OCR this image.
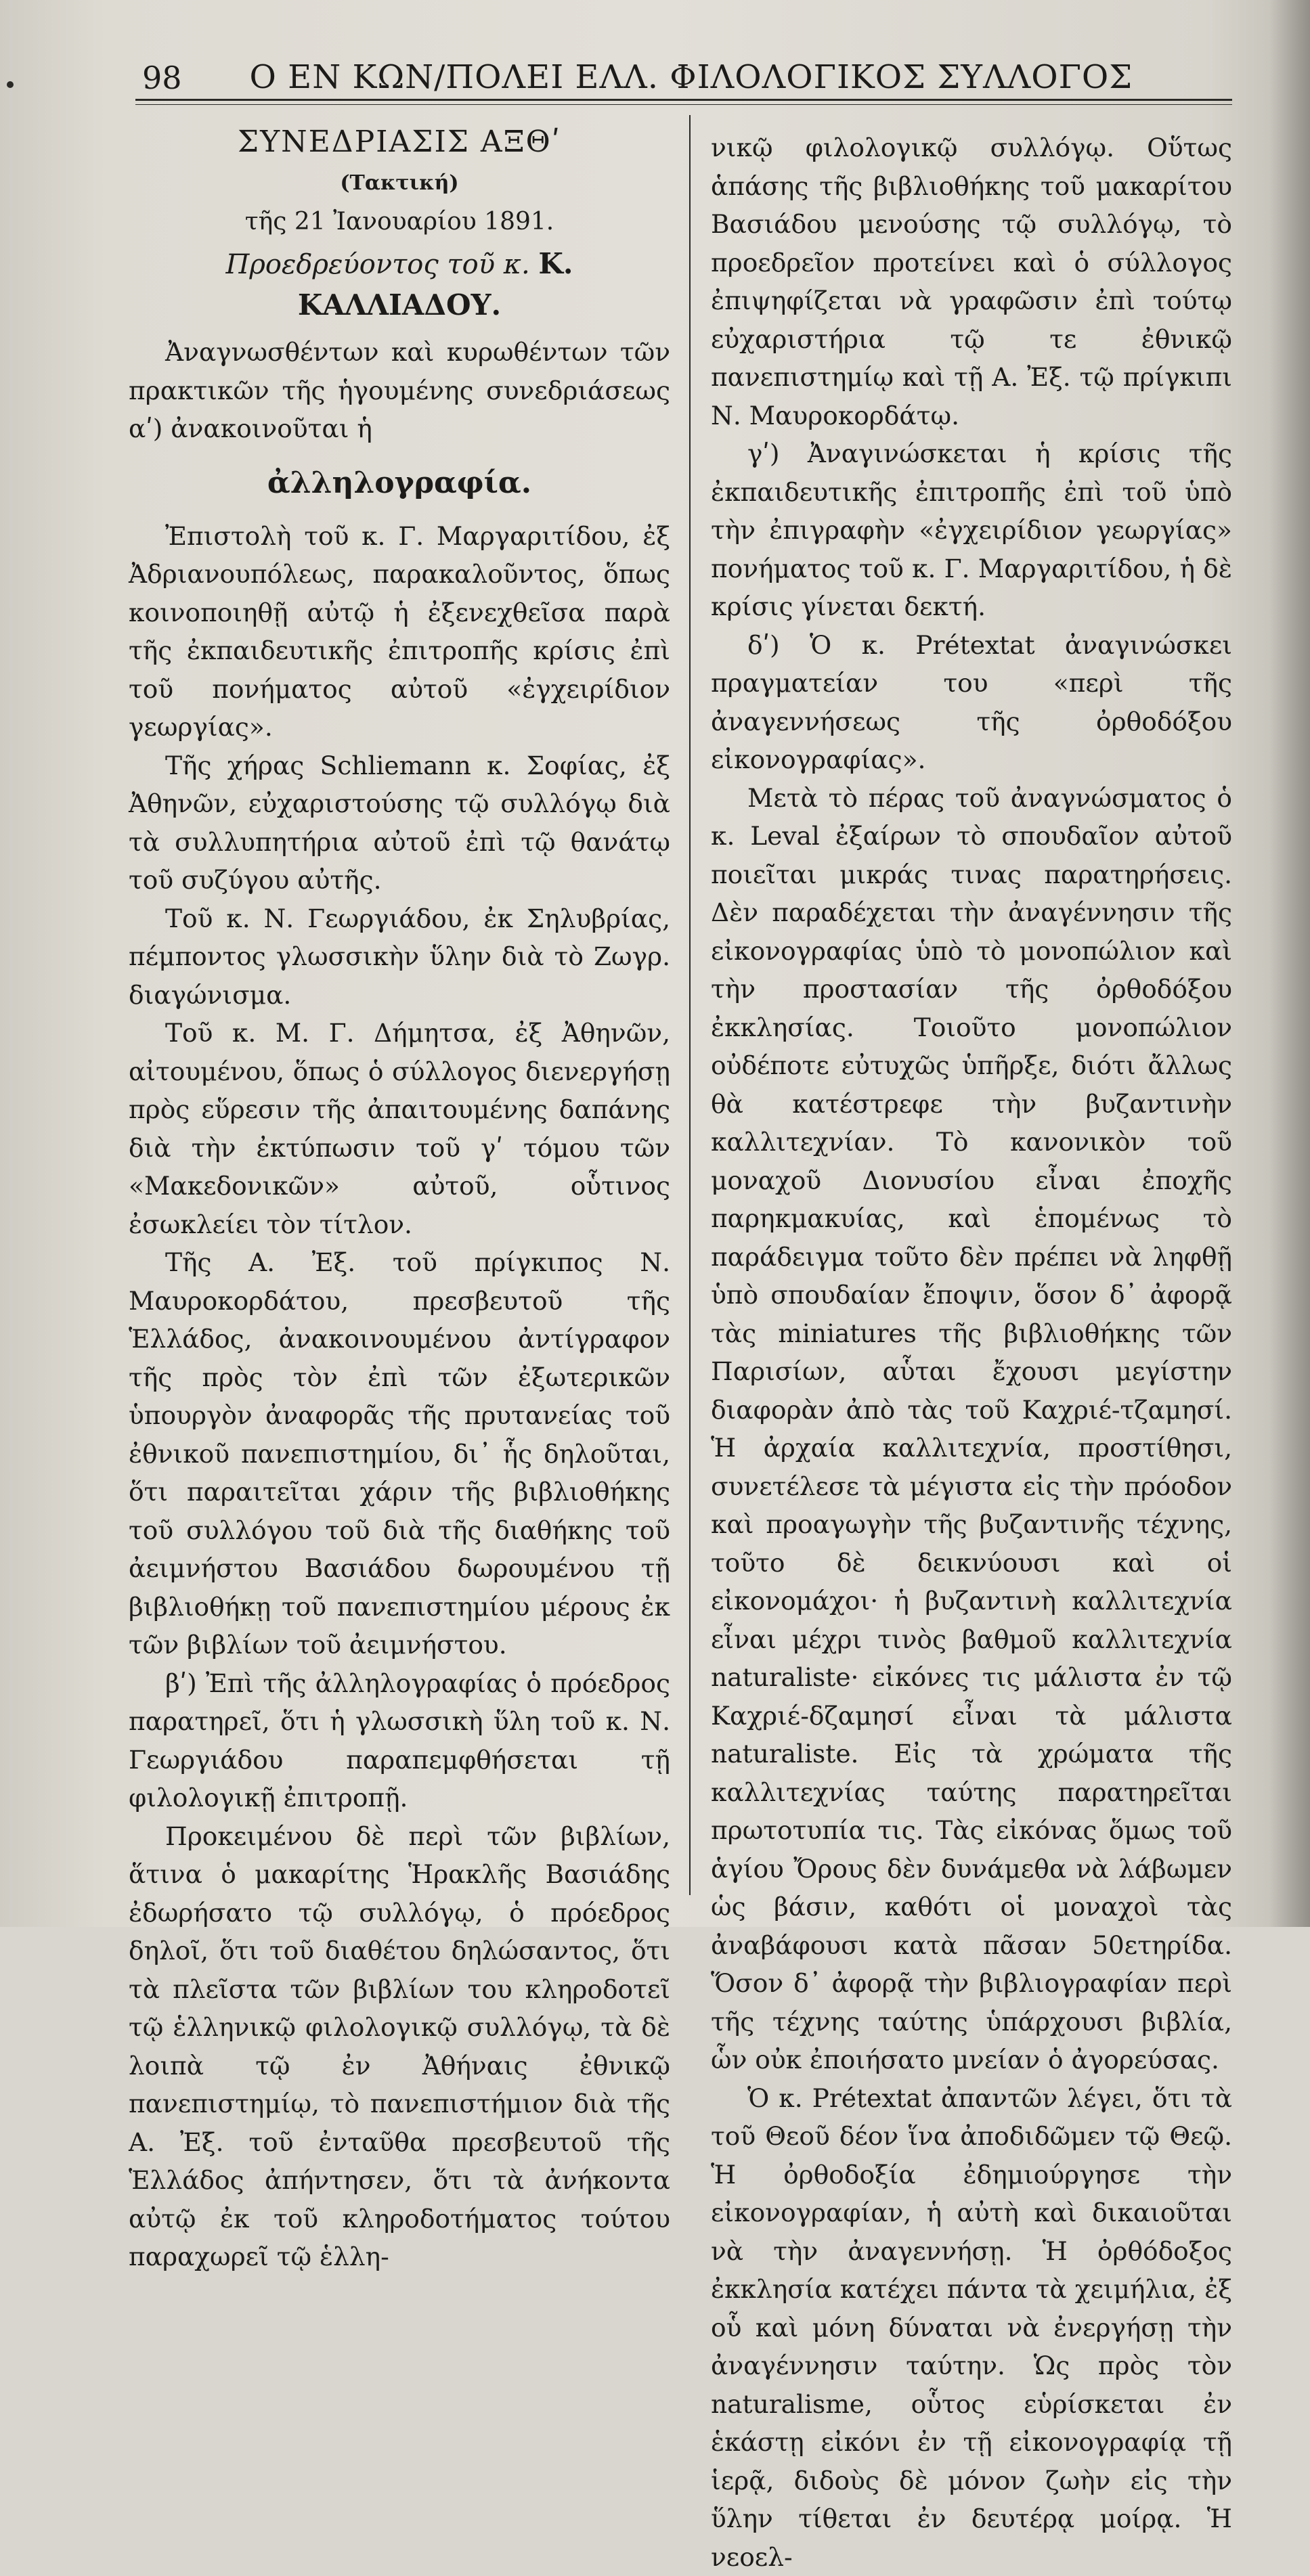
98 Ο ΕΝ ΚΩΝ/ΠΟΛΕΙ ΕΛΛ. ΦΙΛΟΛΟΓΙΚΟΣ ΣΥΛΛΟΓΟΣ
ΣΥΝΕΔΡΙΑΣΙΣ ΑΞΘʹ
(Τακτική)
τῆς 21 Ἰανουαρίου 1891.
Προεδρεύοντος τοῦ κ. Κ. ΚΑΛΛΙΑΔΟΥ.

Ἀναγνωσθέντων καὶ κυρωθέντων τῶν πρακτικῶν τῆς ἡγουμένης συνεδριάσεως αʹ) ἀνακοινοῦται ἡ

ἀλληλογραφία.

Ἐπιστολὴ τοῦ κ. Γ. Μαργαριτίδου, ἐξ Ἀδριανουπόλεως, παρακαλοῦντος, ὅπως κοινοποιηθῇ αὐτῷ ἡ ἐξενεχθεῖσα παρὰ τῆς ἐκπαιδευτικῆς ἐπιτροπῆς κρίσις ἐπὶ τοῦ πονήματος αὐτοῦ «ἐγχειρίδιον γεωργίας».

Τῆς χήρας Schliemann κ. Σοφίας, ἐξ Ἀθηνῶν, εὐχαριστούσης τῷ συλλόγῳ διὰ τὰ συλλυπητήρια αὐτοῦ ἐπὶ τῷ θανάτῳ τοῦ συζύγου αὐτῆς.

Τοῦ κ. Ν. Γεωργιάδου, ἐκ Σηλυβρίας, πέμποντος γλωσσικὴν ὕλην διὰ τὸ Ζωγρ. διαγώνισμα.

Τοῦ κ. Μ. Γ. Δήμητσα, ἐξ Ἀθηνῶν, αἰτουμένου, ὅπως ὁ σύλλογος διενεργήσῃ πρὸς εὕρεσιν τῆς ἀπαιτουμένης δαπάνης διὰ τὴν ἐκτύπωσιν τοῦ γʹ τόμου τῶν «Μακεδονικῶν» αὐτοῦ, οὗτινος ἐσωκλείει τὸν τίτλον.

Τῆς Α. Ἐξ. τοῦ πρίγκιπος Ν. Μαυροκορδάτου, πρεσβευτοῦ τῆς Ἑλλάδος, ἀνακοινουμένου ἀντίγραφον τῆς πρὸς τὸν ἐπὶ τῶν ἐξωτερικῶν ὑπουργὸν ἀναφορᾶς τῆς πρυτανείας τοῦ ἐθνικοῦ πανεπιστημίου, δι᾽ ἧς δηλοῦται, ὅτι παραιτεῖται χάριν τῆς βιβλιοθήκης τοῦ συλλόγου τοῦ διὰ τῆς διαθήκης τοῦ ἀειμνήστου Βασιάδου δωρουμένου τῇ βιβλιοθήκῃ τοῦ πανεπιστημίου μέρους ἐκ τῶν βιβλίων τοῦ ἀειμνήστου.

βʹ) Ἐπὶ τῆς ἀλληλογραφίας ὁ πρόεδρος παρατηρεῖ, ὅτι ἡ γλωσσικὴ ὕλη τοῦ κ. Ν. Γεωργιάδου παραπεμφθήσεται τῇ φιλολογικῇ ἐπιτροπῇ.

Προκειμένου δὲ περὶ τῶν βιβλίων, ἅτινα ὁ μακαρίτης Ἡρακλῆς Βασιάδης ἐδωρήσατο τῷ συλλόγῳ, ὁ πρόεδρος δηλοῖ, ὅτι τοῦ διαθέτου δηλώσαντος, ὅτι τὰ πλεῖστα τῶν βιβλίων του κληροδοτεῖ τῷ ἑλληνικῷ φιλολογικῷ συλλόγῳ, τὰ δὲ λοιπὰ τῷ ἐν Ἀθήναις ἐθνικῷ πανεπιστημίῳ, τὸ πανεπιστήμιον διὰ τῆς Α. Ἐξ. τοῦ ἐνταῦθα πρεσβευτοῦ τῆς Ἑλλάδος ἀπήντησεν, ὅτι τὰ ἀνήκοντα αὐτῷ ἐκ τοῦ κληροδοτήματος τούτου παραχωρεῖ τῷ ἑλλη-

νικῷ φιλολογικῷ συλλόγῳ. Οὕτως ἁπάσης τῆς βιβλιοθήκης τοῦ μακαρίτου Βασιάδου μενούσης τῷ συλλόγῳ, τὸ προεδρεῖον προτείνει καὶ ὁ σύλλογος ἐπιψηφίζεται νὰ γραφῶσιν ἐπὶ τούτῳ εὐχαριστήρια τῷ τε ἐθνικῷ πανεπιστημίῳ καὶ τῇ Α. Ἐξ. τῷ πρίγκιπι Ν. Μαυροκορδάτῳ.

γʹ) Ἀναγινώσκεται ἡ κρίσις τῆς ἐκπαιδευτικῆς ἐπιτροπῆς ἐπὶ τοῦ ὑπὸ τὴν ἐπιγραφὴν «ἐγχειρίδιον γεωργίας» πονήματος τοῦ κ. Γ. Μαργαριτίδου, ἡ δὲ κρίσις γίνεται δεκτή.

δʹ) Ὁ κ. Prétextat ἀναγινώσκει πραγματείαν του «περὶ τῆς ἀναγεννήσεως τῆς ὀρθοδόξου εἰκονογραφίας».

Μετὰ τὸ πέρας τοῦ ἀναγνώσματος ὁ κ. Leval ἐξαίρων τὸ σπουδαῖον αὐτοῦ ποιεῖται μικράς τινας παρατηρήσεις. Δὲν παραδέχεται τὴν ἀναγέννησιν τῆς εἰκονογραφίας ὑπὸ τὸ μονοπώλιον καὶ τὴν προστασίαν τῆς ὀρθοδόξου ἐκκλησίας. Τοιοῦτο μονοπώλιον οὐδέποτε εὐτυχῶς ὑπῆρξε, διότι ἄλλως θὰ κατέστρεφε τὴν βυζαντινὴν καλλιτεχνίαν. Τὸ κανονικὸν τοῦ μοναχοῦ Διονυσίου εἶναι ἐποχῆς παρηκμακυίας, καὶ ἑπομένως τὸ παράδειγμα τοῦτο δὲν πρέπει νὰ ληφθῇ ὑπὸ σπουδαίαν ἔποψιν, ὅσον δ᾽ ἀφορᾷ τὰς miniatures τῆς βιβλιοθήκης τῶν Παρισίων, αὗται ἔχουσι μεγίστην διαφορὰν ἀπὸ τὰς τοῦ Καχριέ-τζαμησί. Ἡ ἀρχαία καλλιτεχνία, προστίθησι, συνετέλεσε τὰ μέγιστα εἰς τὴν πρόοδον καὶ προαγωγὴν τῆς βυζαντινῆς τέχνης, τοῦτο δὲ δεικνύουσι καὶ οἱ εἰκονομάχοι· ἡ βυζαντινὴ καλλιτεχνία εἶναι μέχρι τινὸς βαθμοῦ καλλιτεχνία naturaliste· εἰκόνες τις μάλιστα ἐν τῷ Καχριέ-δζαμησί εἶναι τὰ μάλιστα naturaliste. Εἰς τὰ χρώματα τῆς καλλιτεχνίας ταύτης παρατηρεῖται πρωτοτυπία τις. Τὰς εἰκόνας ὅμως τοῦ ἁγίου Ὄρους δὲν δυνάμεθα νὰ λάβωμεν ὡς βάσιν, καθότι οἱ μοναχοὶ τὰς ἀναβάφουσι κατὰ πᾶσαν 50ετηρίδα. Ὅσον δ᾽ ἀφορᾷ τὴν βιβλιογραφίαν περὶ τῆς τέχνης ταύτης ὑπάρχουσι βιβλία, ὧν οὐκ ἐποιήσατο μνείαν ὁ ἀγορεύσας.

Ὁ κ. Prétextat ἀπαντῶν λέγει, ὅτι τὰ τοῦ Θεοῦ δέον ἵνα ἀποδιδῶμεν τῷ Θεῷ. Ἡ ὀρθοδοξία ἐδημιούργησε τὴν εἰκονογραφίαν, ἡ αὐτὴ καὶ δικαιοῦται νὰ τὴν ἀναγεννήσῃ. Ἡ ὀρθόδοξος ἐκκλησία κατέχει πάντα τὰ χειμήλια, ἐξ οὗ καὶ μόνη δύναται νὰ ἐνεργήσῃ τὴν ἀναγέννησιν ταύτην. Ὡς πρὸς τὸν naturalisme, οὗτος εὑρίσκεται ἐν ἑκάστῃ εἰκόνι ἐν τῇ εἰκονογραφίᾳ τῇ ἱερᾷ, διδοὺς δὲ μόνον ζωὴν εἰς τὴν ὕλην τίθεται ἐν δευτέρᾳ μοίρᾳ. Ἡ νεοελ-
